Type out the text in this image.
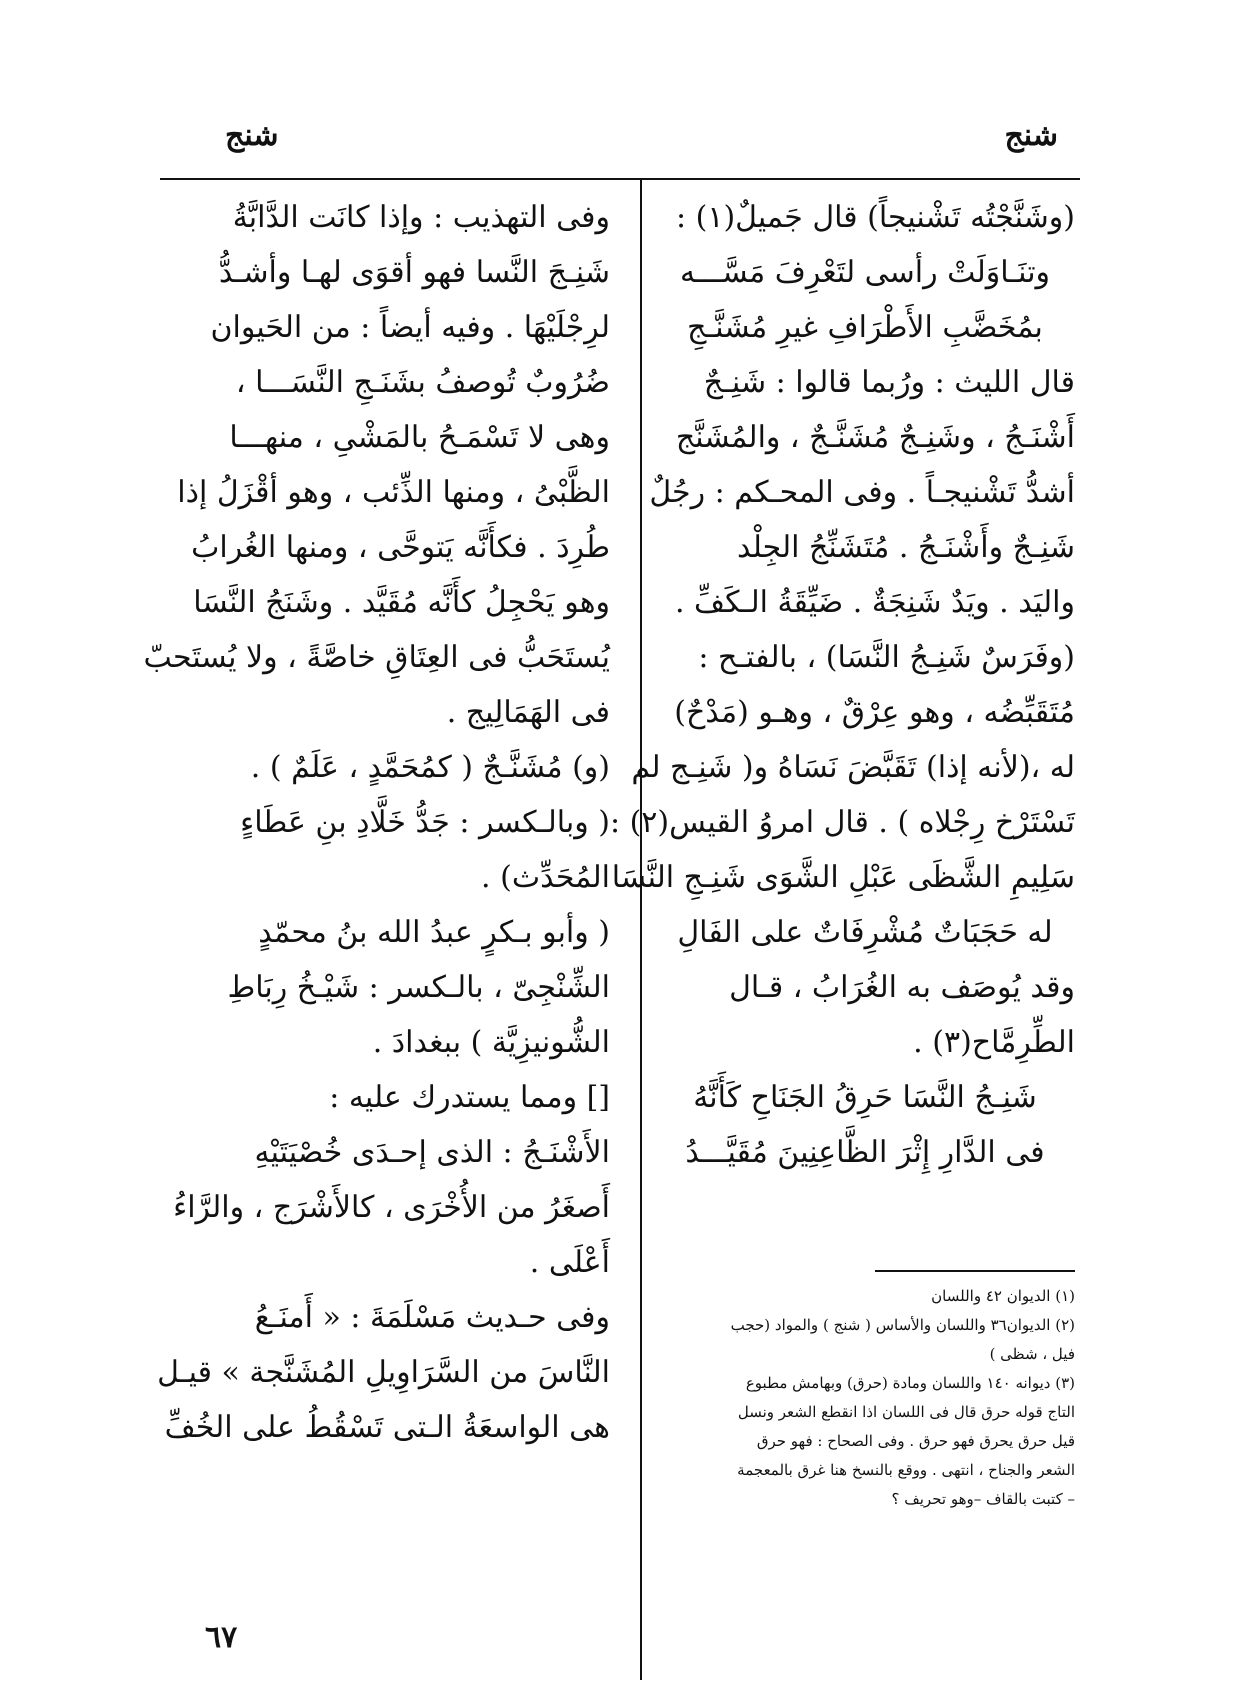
شنج
شنج
(وشَنَّجْتُه تَشْنيجاً) قال جَميلٌ(١) :
وتنَـاوَلَتْ رأسى لتَعْرِفَ مَسَّـــه
بمُخَضَّبِ الأَطْرَافِ غيرِ مُشَنَّـجِ
قال الليث : ورُبما قالوا : شَنِـجٌ
أَشْنَـجُ ، وشَنِـجٌ مُشَنَّـجٌ ، والمُشَنَّج
أشدُّ تَشْنيجـاً . وفى المحـكم : رجُلٌ
شَنِـجٌ وأَشْنَـجُ . مُتَشَنِّجُ الجِلْد
واليَد . ويَدٌ شَنِجَةٌ . ضَيِّقَةُ الـكَفِّ .
(وفَرَسٌ شَنِـجُ النَّسَا) ، بالفتـح :
مُتَقَبِّضُه ، وهو عِرْقٌ ، وهـو (مَدْحٌ)
له ،(لأنه إذا) تَقَبَّضَ نَسَاهُ و( شَنِـج لم
تَسْتَرْخ رِجْلاه ) . قال امروُ القيس(٢) :
سَلِيمِ الشَّظَى عَبْلِ الشَّوَى شَنِـجِ النَّسَا
له حَجَبَاتٌ مُشْرِفَاتٌ على الفَالِ
وقد يُوصَف به الغُرَابُ ، قـال
الطِّرِمَّاح(٣) .
شَنِـجُ النَّسَا حَرِقُ الجَنَاحِ كَأَنَّهُ
فى الدَّارِ إِثْرَ الظَّاعِنِينَ مُقَيَّـــدُ
(١) الديوان ٤٢ واللسان
(٢) الديوان٣٦ واللسان والأساس ( شنج ) والمواد (حجب
فيل ، شظى )
(٣) ديوانه ١٤٠ واللسان ومادة (حرق) وبهامش مطبوع
التاج قوله حرق قال فى اللسان اذا انقطع الشعر ونسل
قيل حرق يحرق فهو حرق . وفى الصحاح : فهو حرق
الشعر والجناح ، انتهى . ووقع بالنسخ هنا غرق بالمعجمة
– كتبت بالقاف –وهو تحريف ؟
وفى التهذيب : وإذا كانَت الدَّابَّةُ
شَنِـجَ النَّسا فهو أقوَى لهـا وأشـدُّ
لرِجْلَيْهَا . وفيه أيضاً : من الحَيوان
ضُرُوبٌ تُوصفُ بشَنَـجِ النَّسَـــا ،
وهى لا تَسْمَـحُ بالمَشْىِ ، منهـــا
الظَّبْىُ ، ومنها الذِّئب ، وهو أقْزَلُ إذا
طُرِدَ . فكأَنَّه يَتوحَّى ، ومنها الغُرابُ
وهو يَحْجِلُ كأَنَّه مُقَيَّد . وشَنَجُ النَّسَا
يُستَحَبُّ فى العِتَاقِ خاصَّةً ، ولا يُستَحبّ
فى الهَمَالِيج .
(و) مُشَنَّـجٌ ( كمُحَمَّدٍ ، عَلَمٌ ) .
( وبالـكسر : جَدُّ خَلَّادِ بنِ عَطَاءٍ
المُحَدِّث) .
( وأبو بـكرٍ عبدُ الله بنُ محمّدٍ
الشِّنْجِىّ ، بالـكسر : شَيْـخُ رِبَاطِ
الشُّونيزِيَّة ) ببغدادَ .
[] ومما يستدرك عليه :
الأَشْنَـجُ : الذى إحـدَى خُصْيَتَيْهِ
أَصغَرُ من الأُخْرَى ، كالأَشْرَج ، والرَّاءُ
أَعْلَى .
وفى حـديث مَسْلَمَةَ : « أَمنَـعُ
النَّاسَ من السَّرَاوِيلِ المُشَنَّجة » قيـل
هى الواسعَةُ الـتى تَسْقُطُ على الخُفِّ
٦٧
